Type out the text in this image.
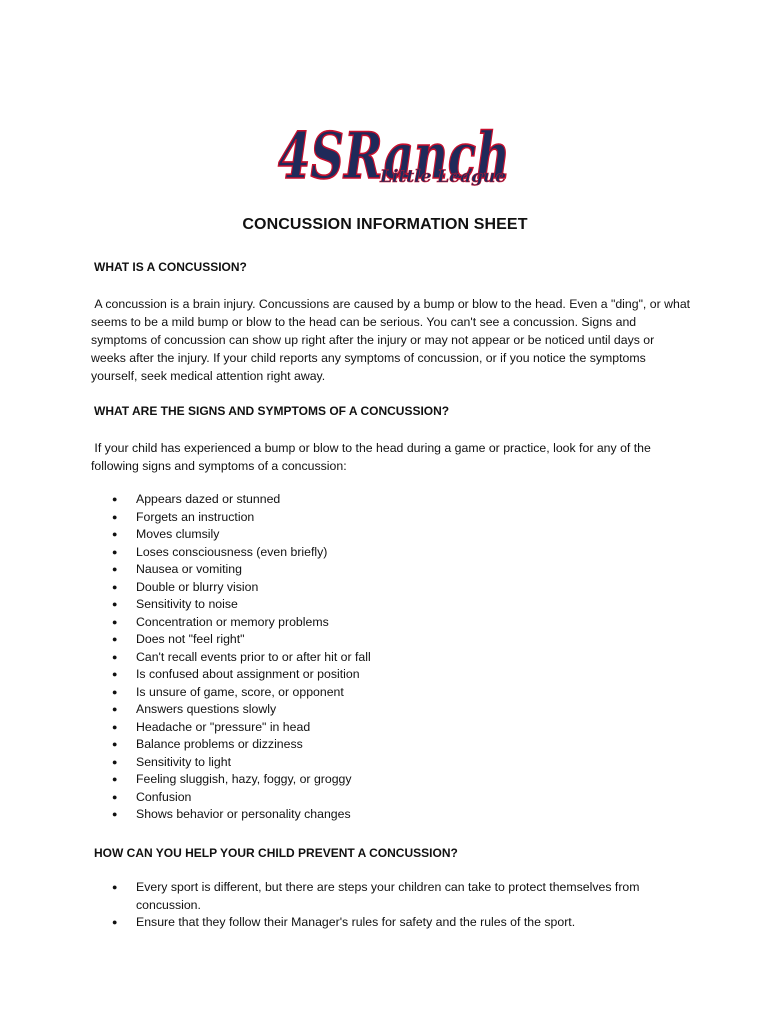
4SRanch
Little League
CONCUSSION INFORMATION SHEET
WHAT IS A CONCUSSION?
A concussion is a brain injury. Concussions are caused by a bump or blow to the head. Even a "ding", or what seems to be a mild bump or blow to the head can be serious. You can't see a concussion. Signs and symptoms of concussion can show up right after the injury or may not appear or be noticed until days or weeks after the injury. If your child reports any symptoms of concussion, or if you notice the symptoms yourself, seek medical attention right away.
WHAT ARE THE SIGNS AND SYMPTOMS OF A CONCUSSION?
If your child has experienced a bump or blow to the head during a game or practice, look for any of the following signs and symptoms of a concussion:
● Appears dazed or stunned
● Forgets an instruction
● Moves clumsily
● Loses consciousness (even briefly)
● Nausea or vomiting
● Double or blurry vision
● Sensitivity to noise
● Concentration or memory problems
● Does not "feel right"
● Can't recall events prior to or after hit or fall
● Is confused about assignment or position
● Is unsure of game, score, or opponent
● Answers questions slowly
● Headache or "pressure" in head
● Balance problems or dizziness
● Sensitivity to light
● Feeling sluggish, hazy, foggy, or groggy
● Confusion
● Shows behavior or personality changes
HOW CAN YOU HELP YOUR CHILD PREVENT A CONCUSSION?
● Every sport is different, but there are steps your children can take to protect themselves from concussion.
● Ensure that they follow their Manager's rules for safety and the rules of the sport.
